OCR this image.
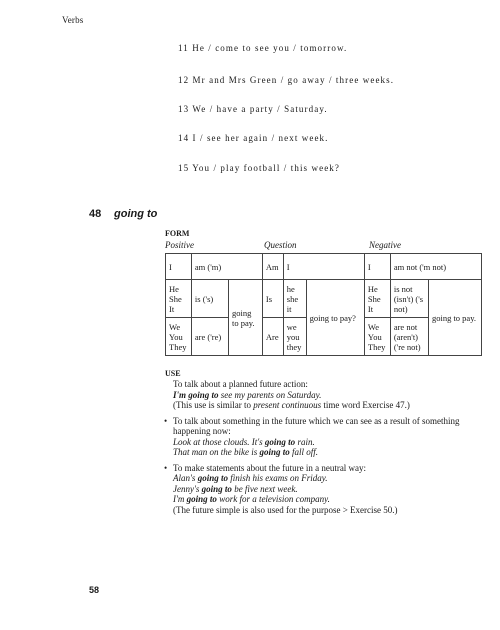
Verbs
11 He / come to see you / tomorrow.
12 Mr and Mrs Green / go away / three weeks.
13 We / have a party / Saturday.
14 I / see her again / next week.
15 You / play football / this week?
48 going to
FORM
Positive	Question	Negative
I	am ('m)		Am	I		I	am not ('m not)	
He She It	is ('s)	going to pay.	Is	he she it	going to pay?	He She It	is not (isn't) ('s not)	going to pay.
We You They	are ('re)		Are	we you they		We You They	are not (aren't) ('re not)	
USE

To talk about a planned future action:

I'm going to see my parents on Saturday.

(This use is similar to present continuous time word Exercise 47.)

• To talk about something in the future which we can see as a result of something happening now:

Look at those clouds. It's going to rain.

That man on the bike is going to fall off.

• To make statements about the future in a neutral way:

Alan's going to finish his exams on Friday.

Jenny's going to be five next week.

I'm going to work for a television company.

(The future simple is also used for the purpose > Exercise 50.)

58
